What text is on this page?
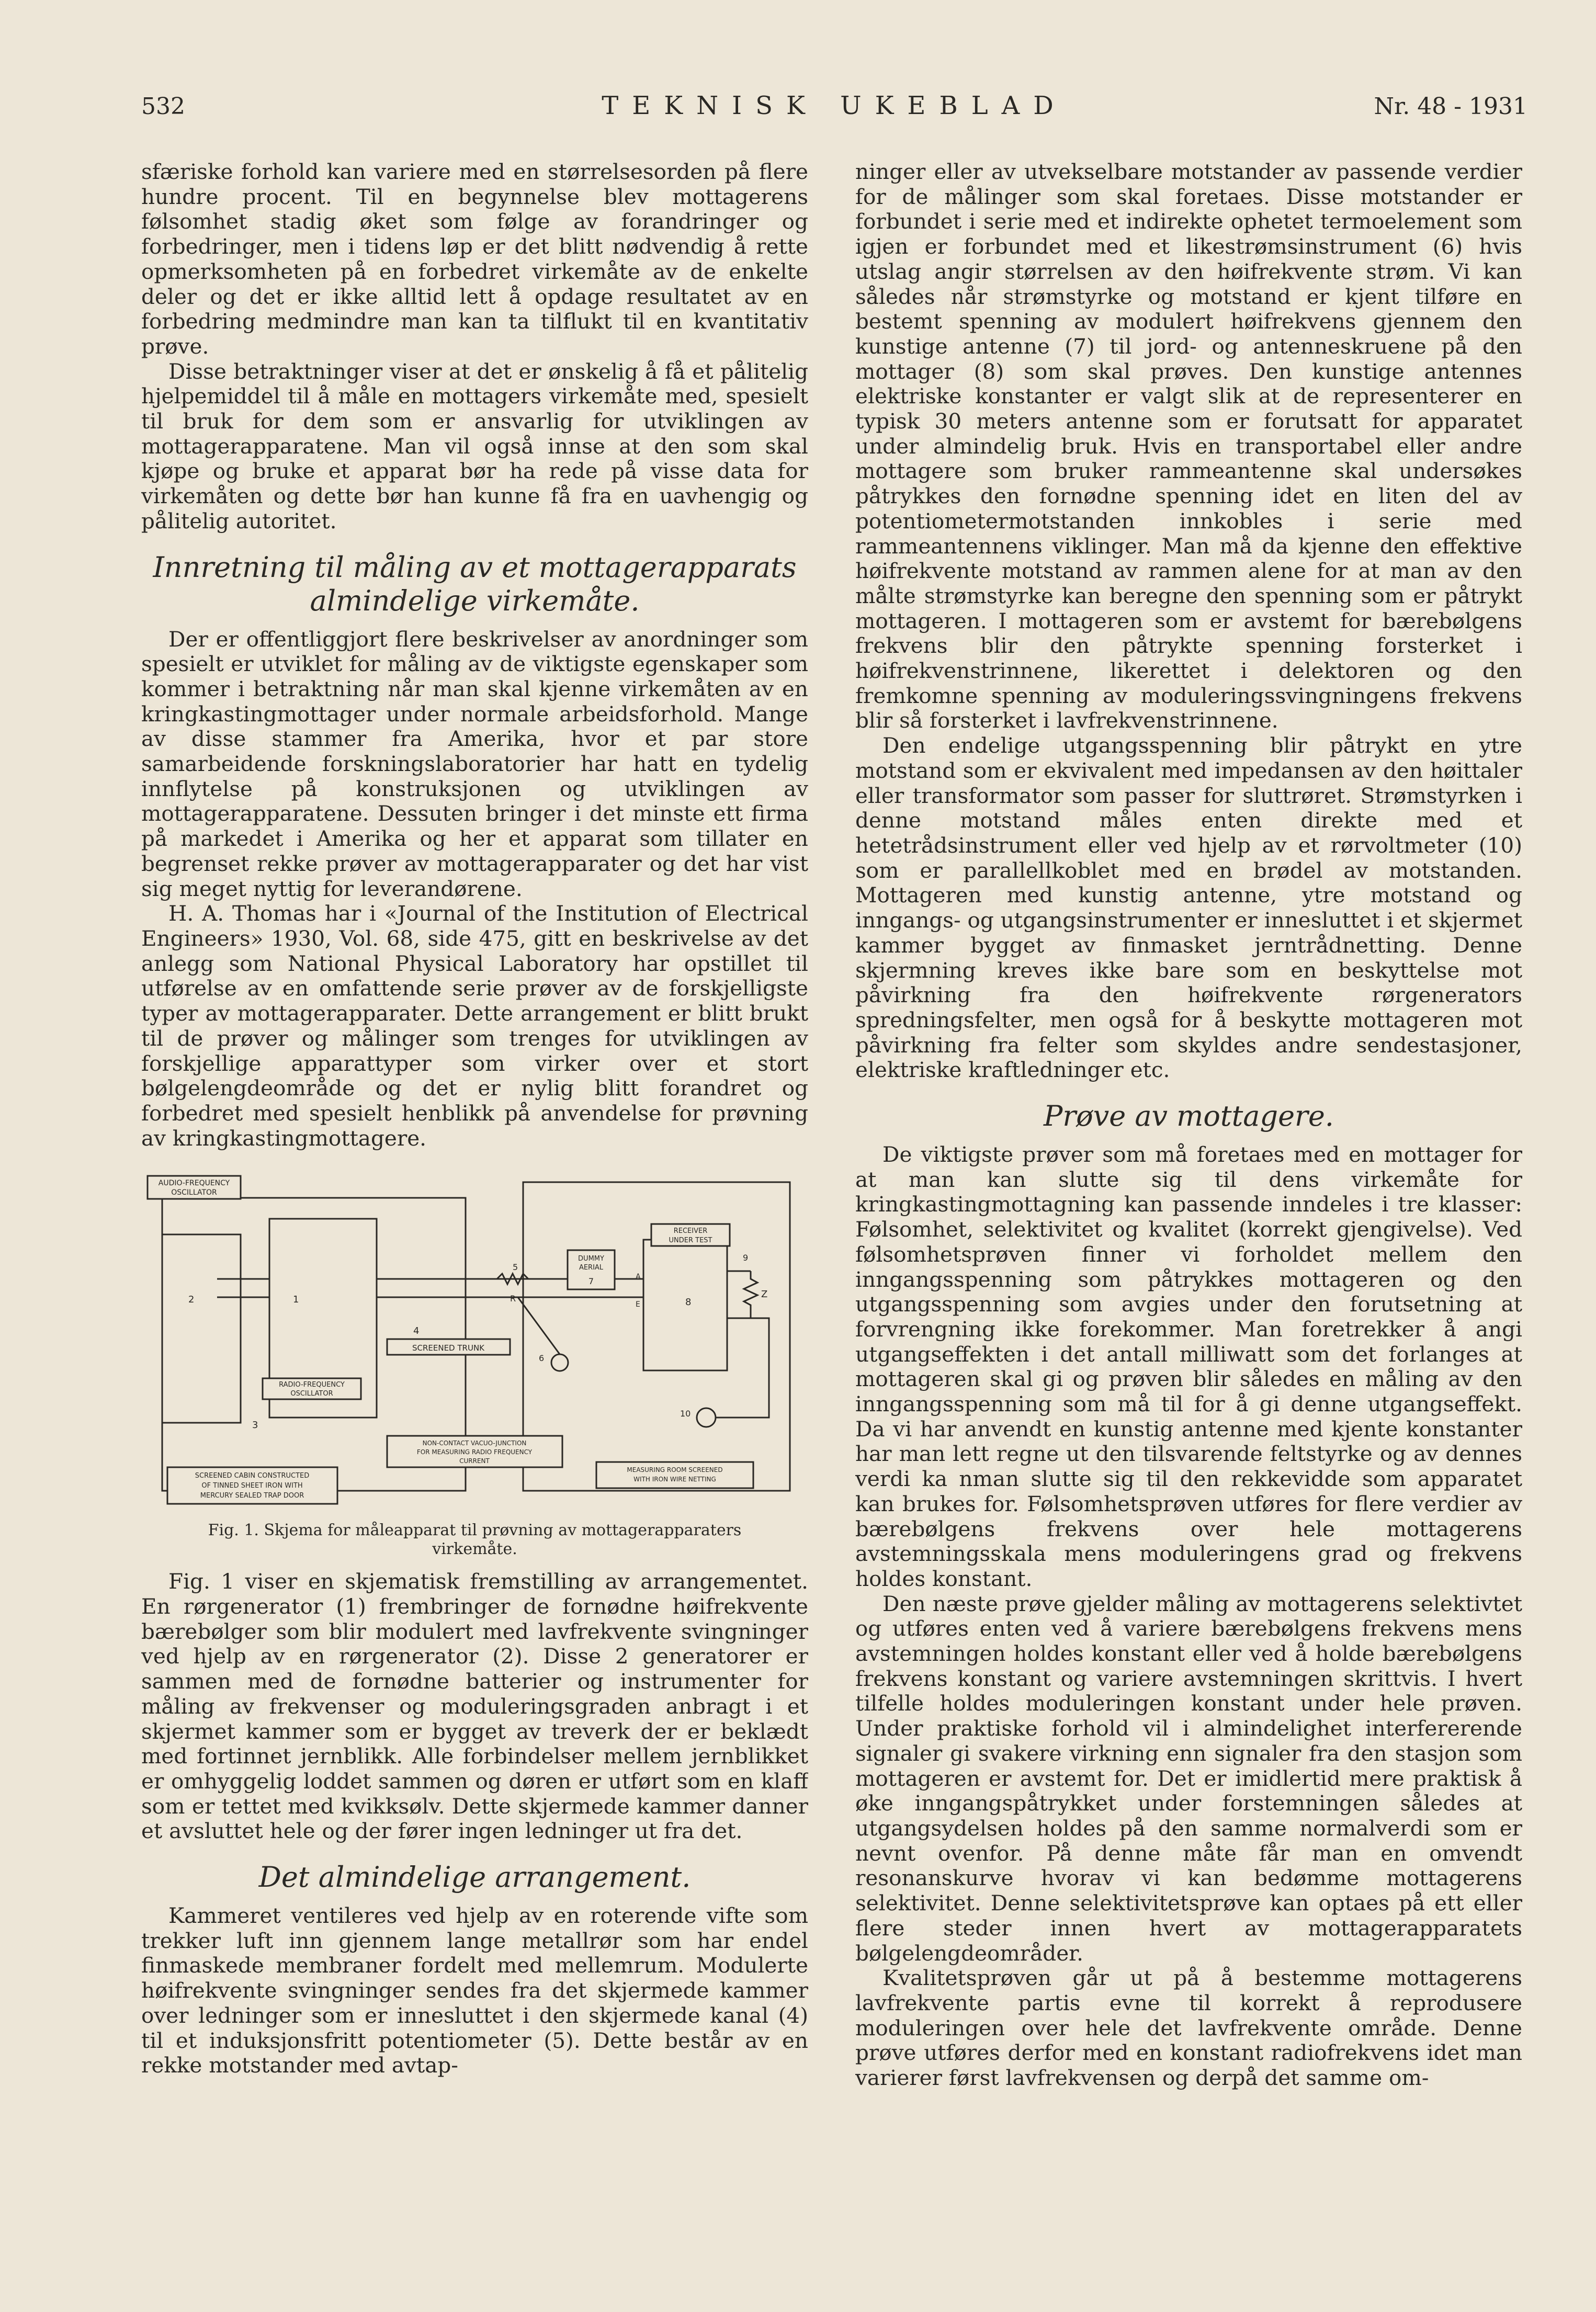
532	TEKNISK UKEBLAD	Nr. 48 - 1931

sfæriske forhold kan variere med en størrelsesorden på flere hundre procent. Til en begynnelse blev mottagerens følsomhet stadig øket som følge av forandringer og forbedringer, men i tidens løp er det blitt nødvendig å rette opmerksomheten på en forbedret virkemåte av de enkelte deler og det er ikke alltid lett å opdage resultatet av en forbedring medmindre man kan ta tilflukt til en kvantitativ prøve.

Disse betraktninger viser at det er ønskelig å få et pålitelig hjelpemiddel til å måle en mottagers virkemåte med, spesielt til bruk for dem som er ansvarlig for utviklingen av mottagerapparatene. Man vil også innse at den som skal kjøpe og bruke et apparat bør ha rede på visse data for virkemåten og dette bør han kunne få fra en uavhengig og pålitelig autoritet.

Innretning til måling av et mottagerapparats almindelige virkemåte.

Der er offentliggjort flere beskrivelser av anordninger som spesielt er utviklet for måling av de viktigste egenskaper som kommer i betraktning når man skal kjenne virkemåten av en kringkastingmottager under normale arbeidsforhold. Mange av disse stammer fra Amerika, hvor et par store samarbeidende forskningslaboratorier har hatt en tydelig innflytelse på konstruksjonen og utviklingen av mottagerapparatene. Dessuten bringer i det minste ett firma på markedet i Amerika og her et apparat som tillater en begrenset rekke prøver av mottagerapparater og det har vist sig meget nyttig for leverandørene.

H. A. Thomas har i «Journal of the Institution of Electrical Engineers» 1930, Vol. 68, side 475, gitt en beskrivelse av det anlegg som National Physical Laboratory har opstillet til utførelse av en omfattende serie prøver av de forskjelligste typer av mottagerapparater. Dette arrangement er blitt brukt til de prøver og målinger som trenges for utviklingen av forskjellige apparattyper som virker over et stort bølgelengdeområde og det er nylig blitt forandret og forbedret med spesielt henblikk på anvendelse for prøvning av kringkastingmottagere.

AUDIO-FREQUENCY
OSCILLATOR
2	1
RADIO-FREQUENCY
OSCILLATOR
3
SCREENED CABIN CONSTRUCTED
OF TINNED SHEET IRON WITH
MERCURY SEALED TRAP DOOR
SCREENED TRUNK
4
R
5
6
NON-CONTACT VACUO-JUNCTION
FOR MEASURING RADIO FREQUENCY
CURRENT
DUMMY
AERIAL
7
RECEIVER
UNDER TEST
8
A
E
Z
9
10
MEASURING ROOM SCREENED
WITH IRON WIRE NETTING
Fig. 1. Skjema for måleapparat til prøvning av mottagerapparaters virkemåte.

Fig. 1 viser en skjematisk fremstilling av arrangementet. En rørgenerator (1) frembringer de fornødne høifrekvente bærebølger som blir modulert med lavfrekvente svingninger ved hjelp av en rørgenerator (2). Disse 2 generatorer er sammen med de fornødne batterier og instrumenter for måling av frekvenser og moduleringsgraden anbragt i et skjermet kammer som er bygget av treverk der er beklædt med fortinnet jernblikk. Alle forbindelser mellem jernblikket er omhyggelig loddet sammen og døren er utført som en klaff som er tettet med kvikksølv. Dette skjermede kammer danner et avsluttet hele og der fører ingen ledninger ut fra det.

Det almindelige arrangement.

Kammeret ventileres ved hjelp av en roterende vifte som trekker luft inn gjennem lange metallrør som har endel finmaskede membraner fordelt med mellemrum. Modulerte høifrekvente svingninger sendes fra det skjermede kammer over ledninger som er innesluttet i den skjermede kanal (4) til et induksjonsfritt potentiometer (5). Dette består av en rekke motstander med avtap-

ninger eller av utvekselbare motstander av passende verdier for de målinger som skal foretaes. Disse motstander er forbundet i serie med et indirekte ophetet termoelement som igjen er forbundet med et likestrømsinstrument (6) hvis utslag angir størrelsen av den høifrekvente strøm. Vi kan således når strømstyrke og motstand er kjent tilføre en bestemt spenning av modulert høifrekvens gjennem den kunstige antenne (7) til jord- og antenneskruene på den mottager (8) som skal prøves. Den kunstige antennes elektriske konstanter er valgt slik at de representerer en typisk 30 meters antenne som er forutsatt for apparatet under almindelig bruk. Hvis en transportabel eller andre mottagere som bruker rammeantenne skal undersøkes påtrykkes den fornødne spenning idet en liten del av potentiometermotstanden innkobles i serie med rammeantennens viklinger. Man må da kjenne den effektive høifrekvente motstand av rammen alene for at man av den målte strømstyrke kan beregne den spenning som er påtrykt mottageren. I mottageren som er avstemt for bærebølgens frekvens blir den påtrykte spenning forsterket i høifrekvenstrinnene, likerettet i delektoren og den fremkomne spenning av moduleringssvingningens frekvens blir så forsterket i lavfrekvenstrinnene.

Den endelige utgangsspenning blir påtrykt en ytre motstand som er ekvivalent med impedansen av den høittaler eller transformator som passer for sluttrøret. Strømstyrken i denne motstand måles enten direkte med et hetetrådsinstrument eller ved hjelp av et rørvoltmeter (10) som er parallellkoblet med en brødel av motstanden. Mottageren med kunstig antenne, ytre motstand og inngangs- og utgangsinstrumenter er innesluttet i et skjermet kammer bygget av finmasket jerntrådnetting. Denne skjermning kreves ikke bare som en beskyttelse mot påvirkning fra den høifrekvente rørgenerators spredningsfelter, men også for å beskytte mottageren mot påvirkning fra felter som skyldes andre sendestasjoner, elektriske kraftledninger etc.

Prøve av mottagere.

De viktigste prøver som må foretaes med en mottager for at man kan slutte sig til dens virkemåte for kringkastingmottagning kan passende inndeles i tre klasser: Følsomhet, selektivitet og kvalitet (korrekt gjengivelse). Ved følsomhetsprøven finner vi forholdet mellem den inngangsspenning som påtrykkes mottageren og den utgangsspenning som avgies under den forutsetning at forvrengning ikke forekommer. Man foretrekker å angi utgangseffekten i det antall milliwatt som det forlanges at mottageren skal gi og prøven blir således en måling av den inngangsspenning som må til for å gi denne utgangseffekt. Da vi har anvendt en kunstig antenne med kjente konstanter har man lett regne ut den tilsvarende feltstyrke og av dennes verdi ka nman slutte sig til den rekkevidde som apparatet kan brukes for. Følsomhetsprøven utføres for flere verdier av bærebølgens frekvens over hele mottagerens avstemningsskala mens moduleringens grad og frekvens holdes konstant.

Den næste prøve gjelder måling av mottagerens selektivtet og utføres enten ved å variere bærebølgens frekvens mens avstemningen holdes konstant eller ved å holde bærebølgens frekvens konstant og variere avstemningen skrittvis. I hvert tilfelle holdes moduleringen konstant under hele prøven. Under praktiske forhold vil i almindelighet interfererende signaler gi svakere virkning enn signaler fra den stasjon som mottageren er avstemt for. Det er imidlertid mere praktisk å øke inngangspåtrykket under forstemningen således at utgangsydelsen holdes på den samme normalverdi som er nevnt ovenfor. På denne måte får man en omvendt resonanskurve hvorav vi kan bedømme mottagerens selektivitet. Denne selektivitetsprøve kan optaes på ett eller flere steder innen hvert av mottagerapparatets bølgelengdeområder.

Kvalitetsprøven går ut på å bestemme mottagerens lavfrekvente partis evne til korrekt å reprodusere moduleringen over hele det lavfrekvente område. Denne prøve utføres derfor med en konstant radiofrekvens idet man varierer først lavfrekvensen og derpå det samme om-
